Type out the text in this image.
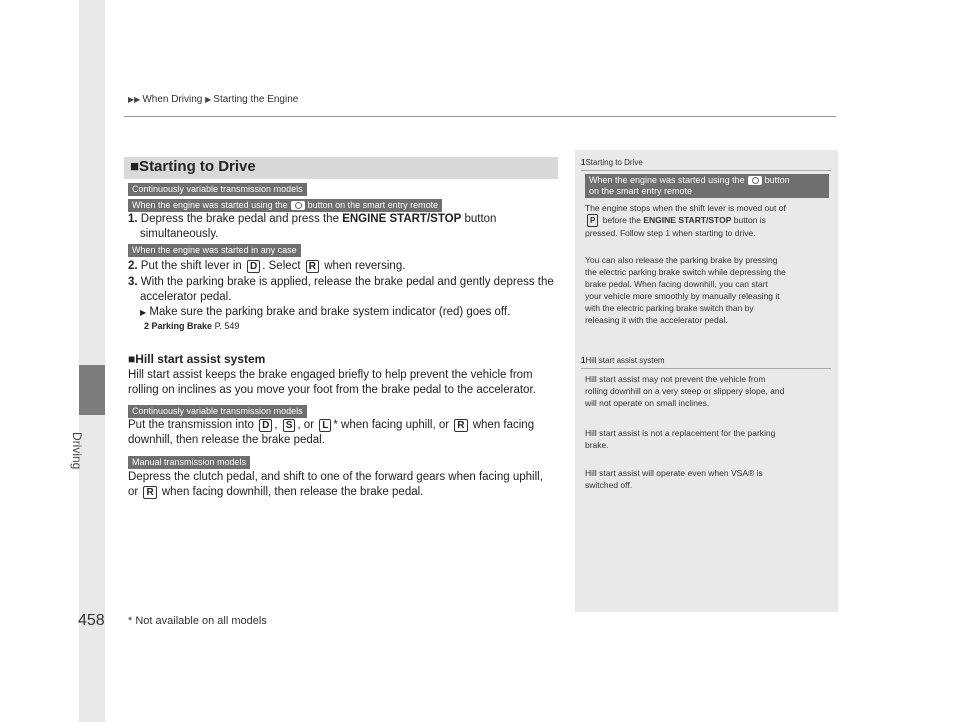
Driving
▶▶ When Driving ▶ Starting the Engine
■Starting to Drive
Continuously variable transmission models
When the engine was started using the button on the smart entry remote
1. Depress the brake pedal and press the ENGINE START/STOP button
simultaneously.
When the engine was started in any case
2. Put the shift lever in D . Select R when reversing.
3. With the parking brake is applied, release the brake pedal and gently depress the
accelerator pedal.
▶ Make sure the parking brake and brake system indicator (red) goes off.
2 Parking Brake P. 549
■Hill start assist system
Hill start assist keeps the brake engaged briefly to help prevent the vehicle from
rolling on inclines as you move your foot from the brake pedal to the accelerator.
Continuously variable transmission models
Put the transmission into D , S , or L * when facing uphill, or R when facing
downhill, then release the brake pedal.
Manual transmission models
Depress the clutch pedal, and shift to one of the forward gears when facing uphill,
or R when facing downhill, then release the brake pedal.
1Starting to Drive
When the engine was started using the button
on the smart entry remote
The engine stops when the shift lever is moved out of
P before the ENGINE START/STOP button is
pressed. Follow step 1 when starting to drive.
You can also release the parking brake by pressing
the electric parking brake switch while depressing the
brake pedal. When facing downhill, you can start
your vehicle more smoothly by manually releasing it
with the electric parking brake switch than by
releasing it with the accelerator pedal.
1Hill start assist system
Hill start assist may not prevent the vehicle from
rolling downhill on a very steep or slippery slope, and
will not operate on small inclines.
Hill start assist is not a replacement for the parking
brake.
Hill start assist will operate even when VSA® is
switched off.
458 * Not available on all models
